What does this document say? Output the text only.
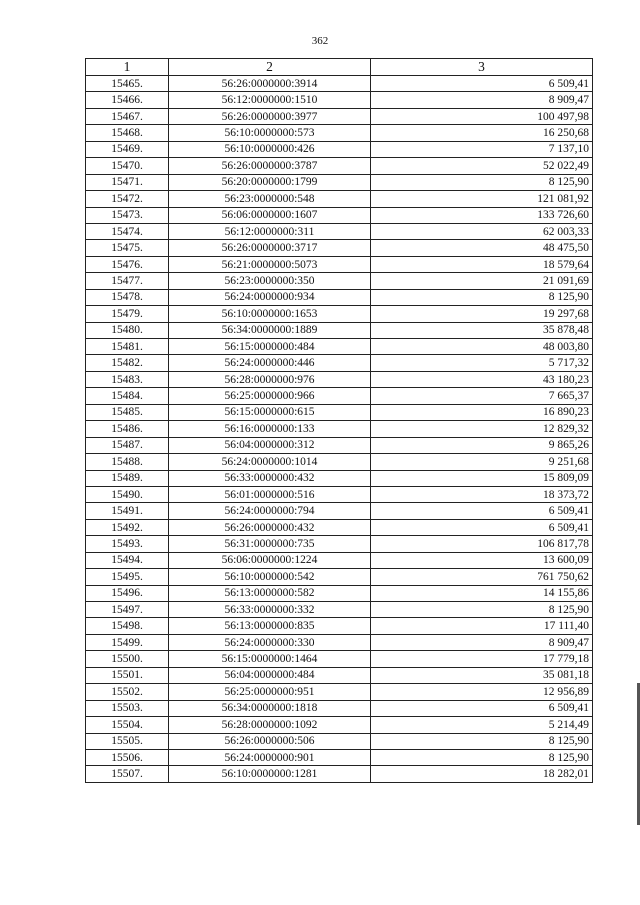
362
1	2	3
15465.	56:26:0000000:3914	6 509,41
15466.	56:12:0000000:1510	8 909,47
15467.	56:26:0000000:3977	100 497,98
15468.	56:10:0000000:573	16 250,68
15469.	56:10:0000000:426	7 137,10
15470.	56:26:0000000:3787	52 022,49
15471.	56:20:0000000:1799	8 125,90
15472.	56:23:0000000:548	121 081,92
15473.	56:06:0000000:1607	133 726,60
15474.	56:12:0000000:311	62 003,33
15475.	56:26:0000000:3717	48 475,50
15476.	56:21:0000000:5073	18 579,64
15477.	56:23:0000000:350	21 091,69
15478.	56:24:0000000:934	8 125,90
15479.	56:10:0000000:1653	19 297,68
15480.	56:34:0000000:1889	35 878,48
15481.	56:15:0000000:484	48 003,80
15482.	56:24:0000000:446	5 717,32
15483.	56:28:0000000:976	43 180,23
15484.	56:25:0000000:966	7 665,37
15485.	56:15:0000000:615	16 890,23
15486.	56:16:0000000:133	12 829,32
15487.	56:04:0000000:312	9 865,26
15488.	56:24:0000000:1014	9 251,68
15489.	56:33:0000000:432	15 809,09
15490.	56:01:0000000:516	18 373,72
15491.	56:24:0000000:794	6 509,41
15492.	56:26:0000000:432	6 509,41
15493.	56:31:0000000:735	106 817,78
15494.	56:06:0000000:1224	13 600,09
15495.	56:10:0000000:542	761 750,62
15496.	56:13:0000000:582	14 155,86
15497.	56:33:0000000:332	8 125,90
15498.	56:13:0000000:835	17 111,40
15499.	56:24:0000000:330	8 909,47
15500.	56:15:0000000:1464	17 779,18
15501.	56:04:0000000:484	35 081,18
15502.	56:25:0000000:951	12 956,89
15503.	56:34:0000000:1818	6 509,41
15504.	56:28:0000000:1092	5 214,49
15505.	56:26:0000000:506	8 125,90
15506.	56:24:0000000:901	8 125,90
15507.	56:10:0000000:1281	18 282,01
